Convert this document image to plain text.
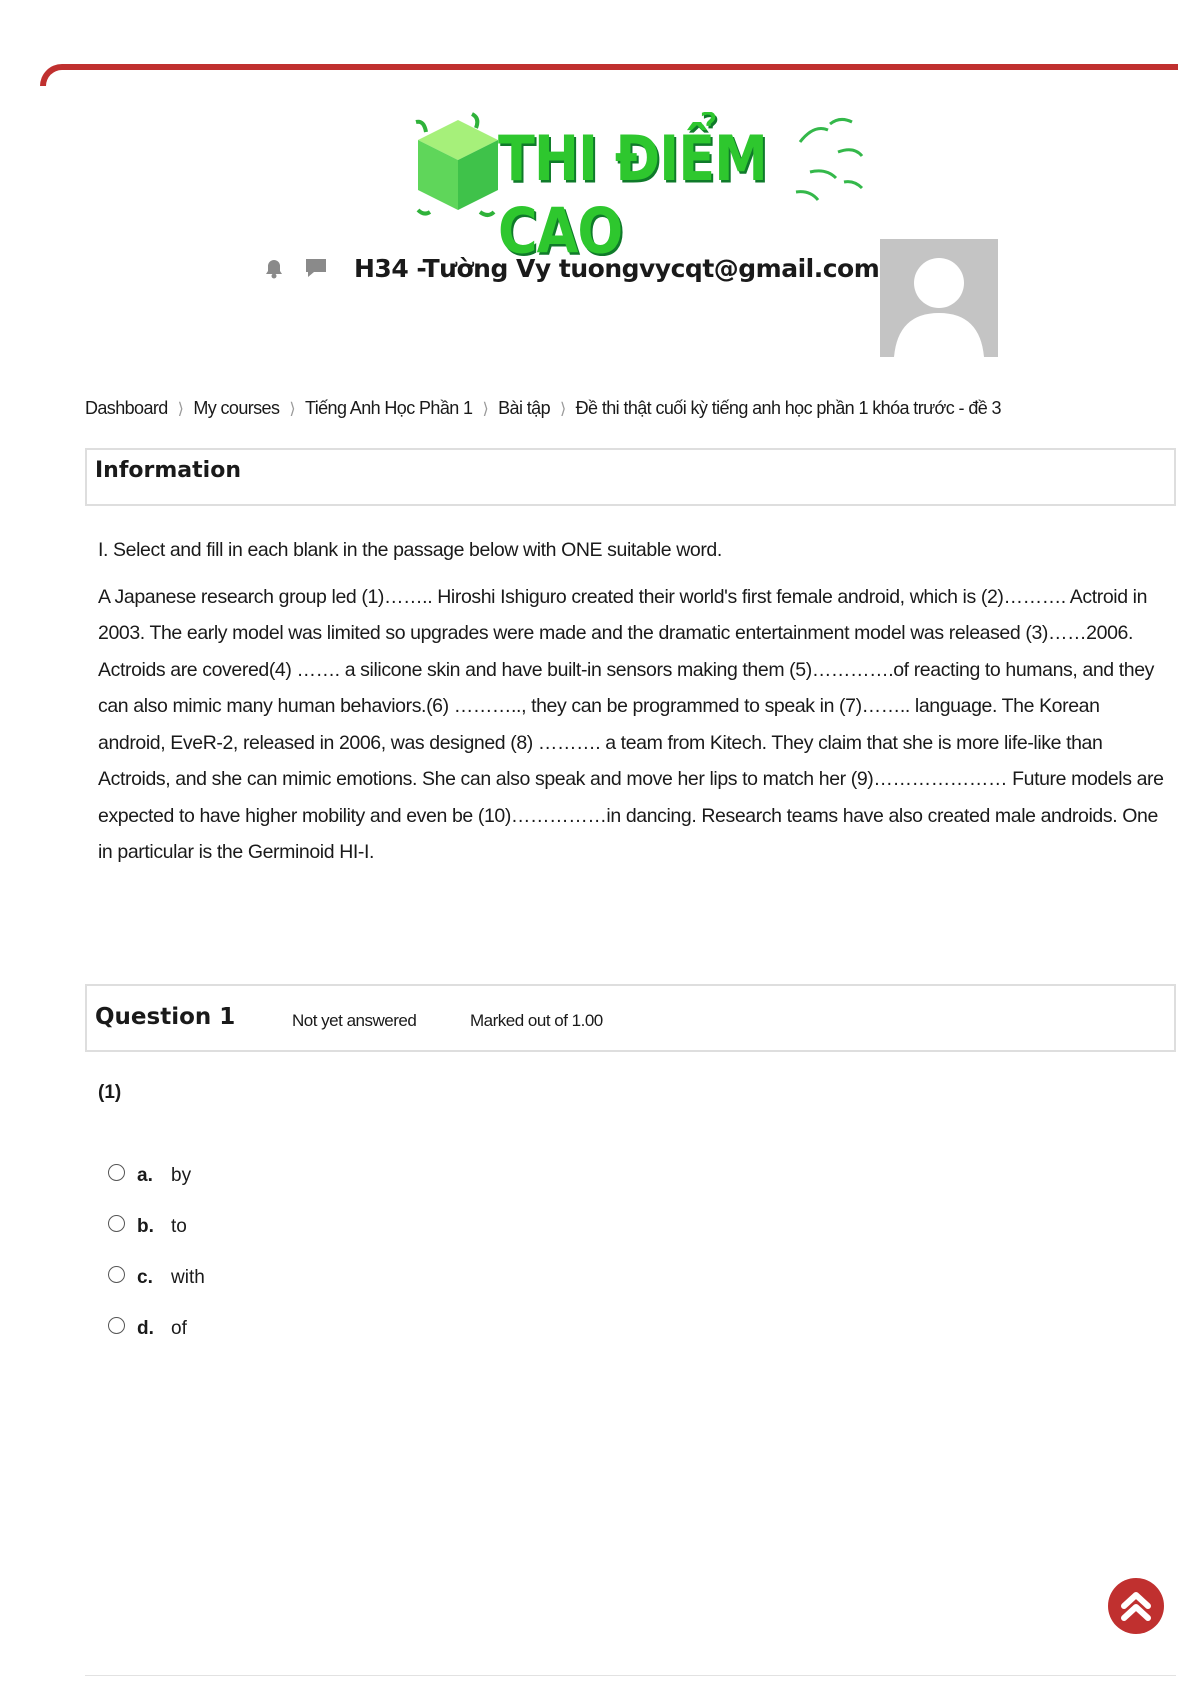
THI ĐIỂM CAO
H34 -Tường Vy tuongvycqt@gmail.com
Dashboard ⟩ My courses ⟩ Tiếng Anh Học Phần 1 ⟩ Bài tập ⟩ Đề thi thật cuối kỳ tiếng anh học phần 1 khóa trước - đề 3
Information

I. Select and fill in each blank in the passage below with ONE suitable word.

A Japanese research group led (1)…….. Hiroshi Ishiguro created their world's first female android, which is (2)………. Actroid in 2003. The early model was limited so upgrades were made and the dramatic entertainment model was released (3)……2006. Actroids are covered(4) ……. a silicone skin and have built-in sensors making them (5)………….of reacting to humans, and they can also mimic many human behaviors.(6) ……….., they can be programmed to speak in (7)…….. language. The Korean android, EveR-2, released in 2006, was designed (8) ………. a team from Kitech. They claim that she is more life-like than Actroids, and she can mimic emotions. She can also speak and move her lips to match her (9)………………… Future models are expected to have higher mobility and even be (10)……………in dancing. Research teams have also created male androids. One in particular is the Germinoid HI-I.

Question 1	Not yet answered	Marked out of 1.00
(1)
a. by
b. to
c. with
d. of
